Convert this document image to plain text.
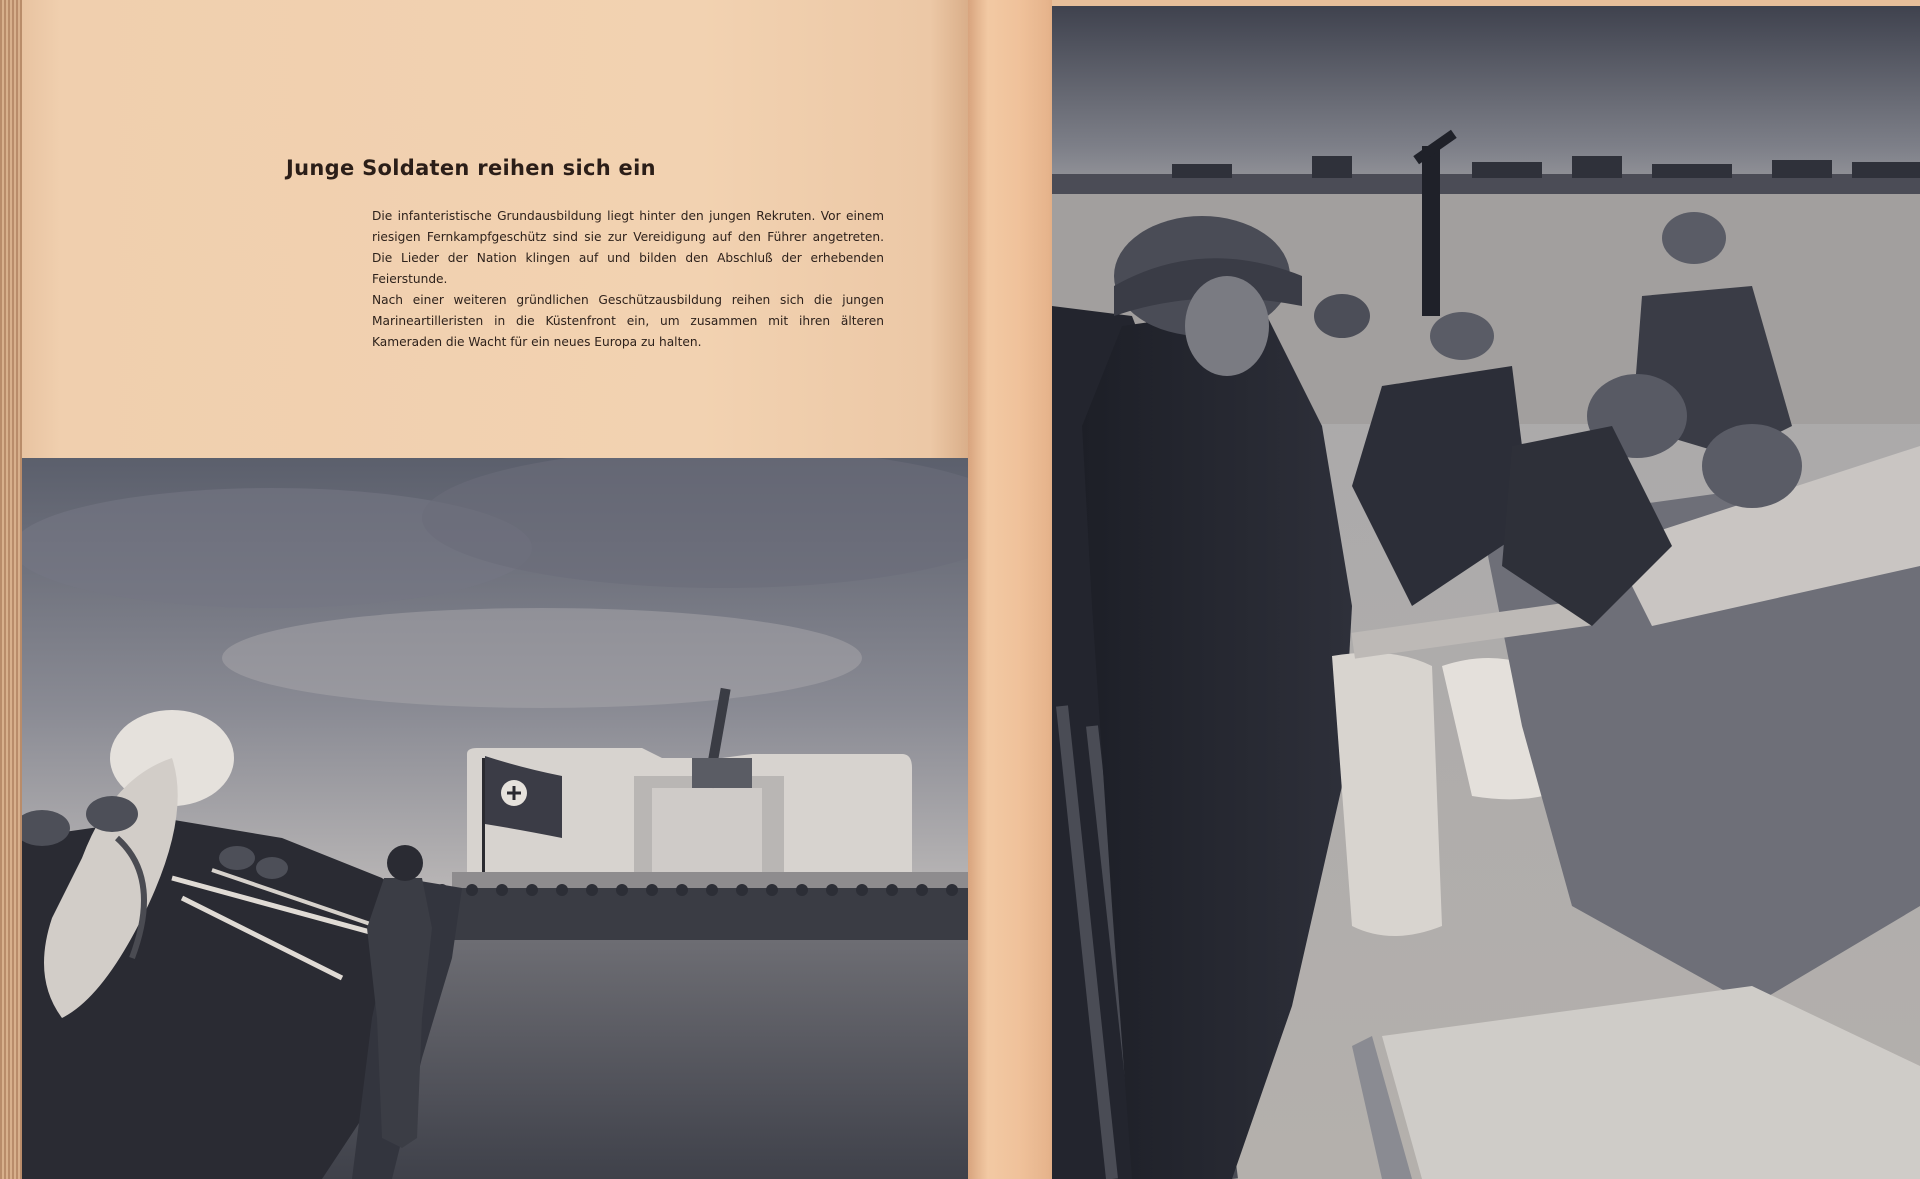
Junge Soldaten reihen sich ein

Die infanteristische Grundausbildung liegt hinter den jungen Rekruten. Vor einem riesigen Fernkampfgeschütz sind sie zur Vereidigung auf den Führer angetreten. Die Lieder der Nation klingen auf und bilden den Abschluß der erhebenden Feierstunde.

Nach einer weiteren gründlichen Geschützausbildung reihen sich die jungen Marineartilleristen in die Küstenfront ein, um zusammen mit ihren älteren Kameraden die Wacht für ein neues Europa zu halten.
